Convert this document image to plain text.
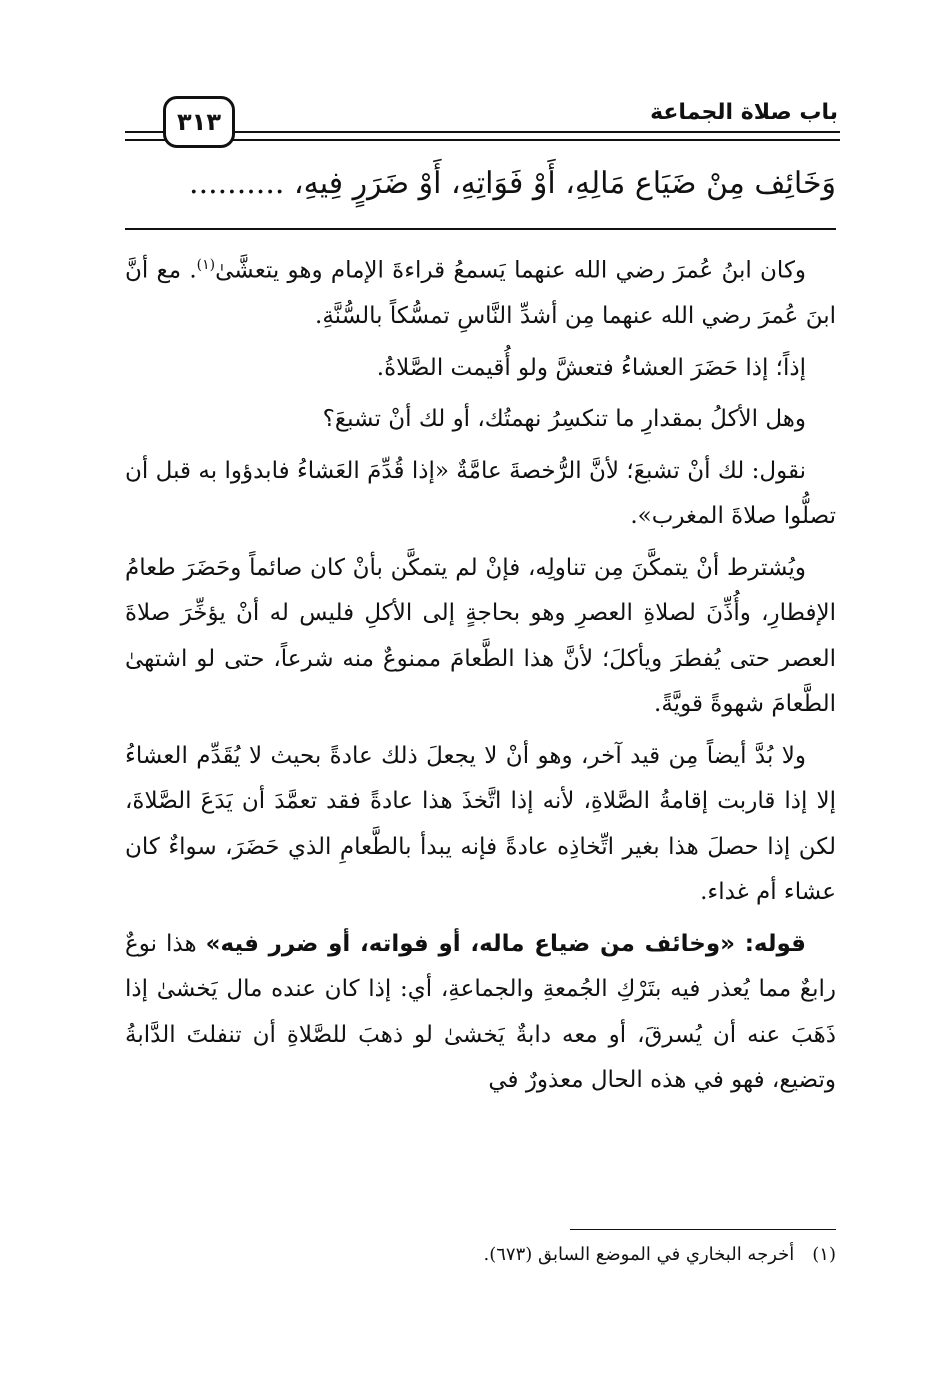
باب صلاة الجماعة
٣١٣
وَخَائِف مِنْ ضَيَاع مَالِهِ، أَوْ فَوَاتِهِ، أَوْ ضَرَرٍ فِيهِ، ..........

وكان ابنُ عُمرَ رضي الله عنهما يَسمعُ قراءةَ الإمام وهو يتعشَّىٰ$^{(١)}$. مع أنَّ ابنَ عُمرَ رضي الله عنهما مِن أشدِّ النَّاسِ تمسُّكاً بالسُّنَّةِ.

إذاً؛ إذا حَضَرَ العشاءُ فتعشَّ ولو أُقيمت الصَّلاةُ.

وهل الأكلُ بمقدارِ ما تنكسِرُ نهمتُك، أو لك أنْ تشبعَ؟

نقول: لك أنْ تشبعَ؛ لأنَّ الرُّخصةَ عامَّةٌ «إذا قُدِّمَ العَشاءُ فابدؤوا به قبل أن تصلُّوا صلاةَ المغرب».

ويُشترط أنْ يتمكَّنَ مِن تناولِه، فإنْ لم يتمكَّن بأنْ كان صائماً وحَضَرَ طعامُ الإفطارِ، وأُذِّنَ لصلاةِ العصرِ وهو بحاجةٍ إلى الأكلِ فليس له أنْ يؤخِّرَ صلاةَ العصر حتى يُفطرَ ويأكلَ؛ لأنَّ هذا الطَّعامَ ممنوعٌ منه شرعاً، حتى لو اشتهىٰ الطَّعامَ شهوةً قويَّةً.

ولا بُدَّ أيضاً مِن قيد آخر، وهو أنْ لا يجعلَ ذلك عادةً بحيث لا يُقَدِّم العشاءُ إلا إذا قاربت إقامةُ الصَّلاةِ، لأنه إذا اتَّخذَ هذا عادةً فقد تعمَّدَ أن يَدَعَ الصَّلاةَ، لكن إذا حصلَ هذا بغير اتِّخاذِه عادةً فإنه يبدأ بالطَّعامِ الذي حَضَرَ، سواءٌ كان عشاء أم غداء.

قوله: «وخائف من ضياع ماله، أو فواته، أو ضرر فيه» هذا نوعٌ رابعٌ مما يُعذر فيه بتَرْكِ الجُمعةِ والجماعةِ، أي: إذا كان عنده مال يَخشىٰ إذا ذَهَبَ عنه أن يُسرقَ، أو معه دابةٌ يَخشىٰ لو ذهبَ للصَّلاةِ أن تنفلتَ الدَّابةُ وتضيع، فهو في هذه الحال معذورٌ في

(١)أخرجه البخاري في الموضع السابق (٦٧٣).
